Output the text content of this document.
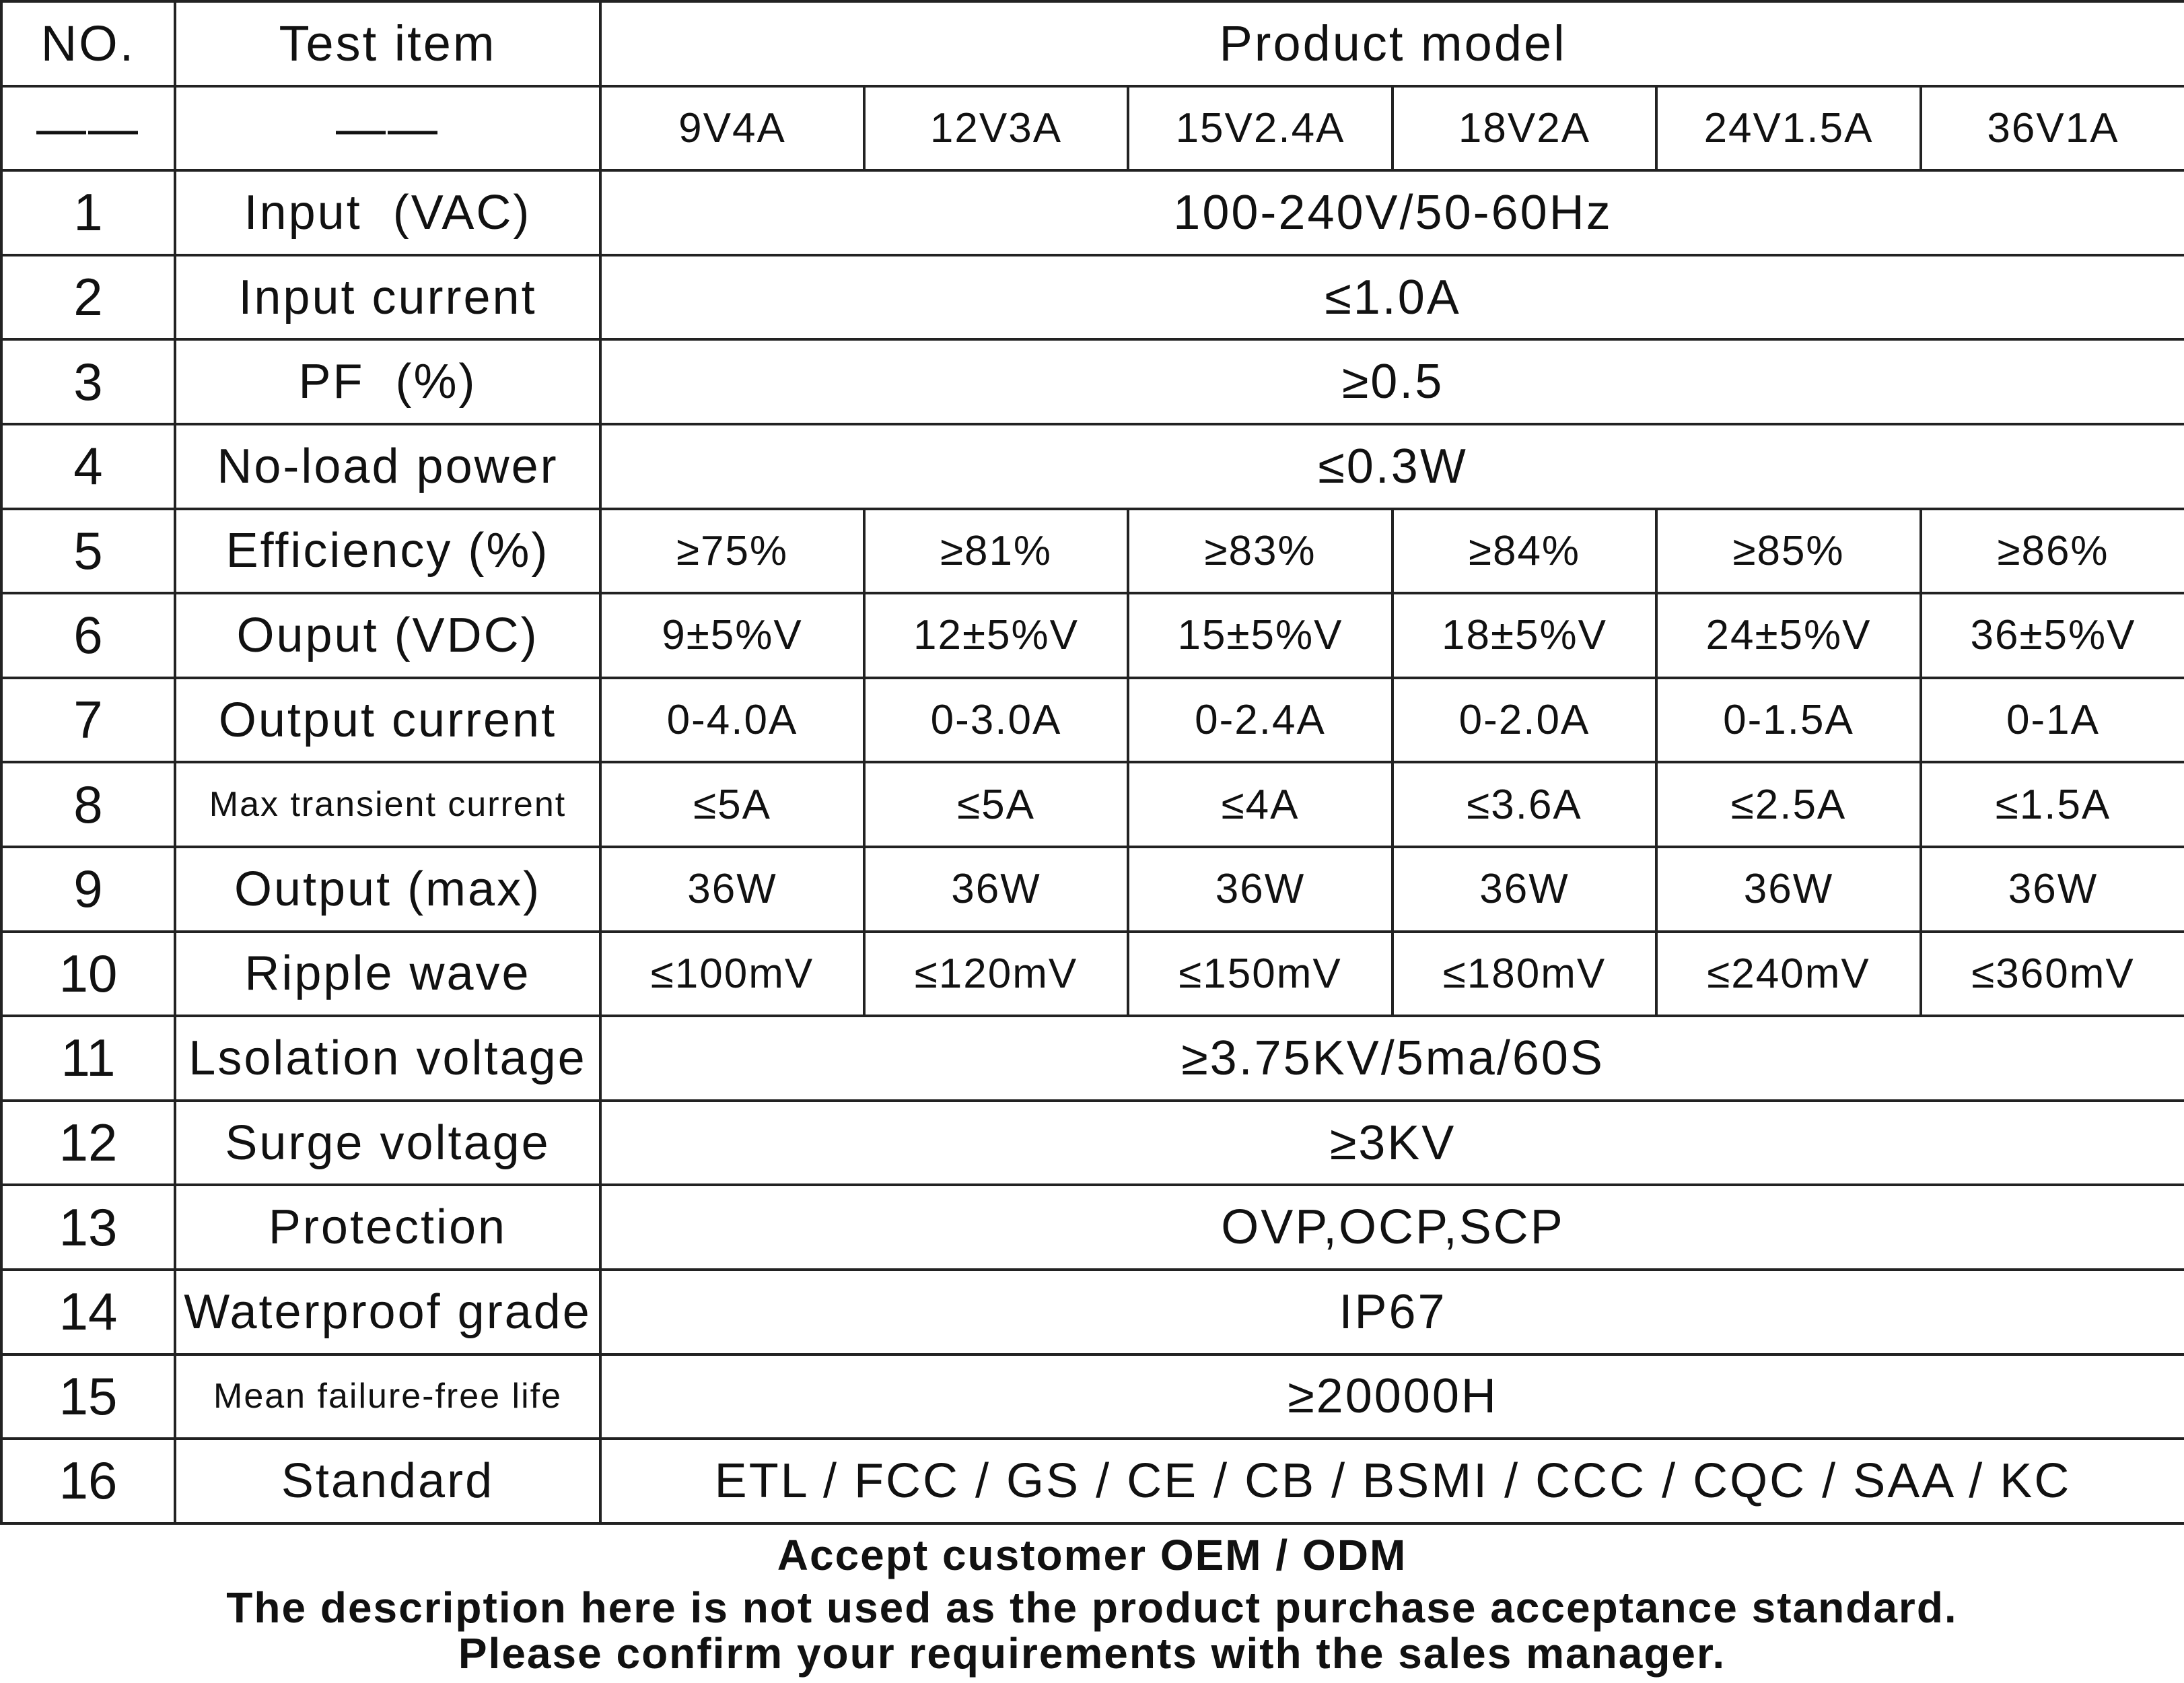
NO.	Test item	Product model					
——	——	9V4A	12V3A	15V2.4A	18V2A	24V1.5A	36V1A
1	Input  (VAC)	100-240V/50-60Hz					
2	Input current	≤1.0A					
3	PF  (%)	≥0.5					
4	No-load power	≤0.3W					
5	Efficiency (%)	≥75%	≥81%	≥83%	≥84%	≥85%	≥86%
6	Ouput (VDC)	9±5%V	12±5%V	15±5%V	18±5%V	24±5%V	36±5%V
7	Output current	0-4.0A	0-3.0A	0-2.4A	0-2.0A	0-1.5A	0-1A
8	Max transient current	≤5A	≤5A	≤4A	≤3.6A	≤2.5A	≤1.5A
9	Output (max)	36W	36W	36W	36W	36W	36W
10	Ripple wave	≤100mV	≤120mV	≤150mV	≤180mV	≤240mV	≤360mV
11	Lsolation voltage	≥3.75KV/5ma/60S					
12	Surge voltage	≥3KV					
13	Protection	OVP,OCP,SCP					
14	Waterproof grade	IP67					
15	Mean failure-free life	≥20000H					
16	Standard	ETL / FCC / GS / CE / CB / BSMI / CCC / CQC / SAA / KC					
Accept customer OEM / ODM
The description here is not used as the product purchase acceptance standard.
Please confirm your requirements with the sales manager.
